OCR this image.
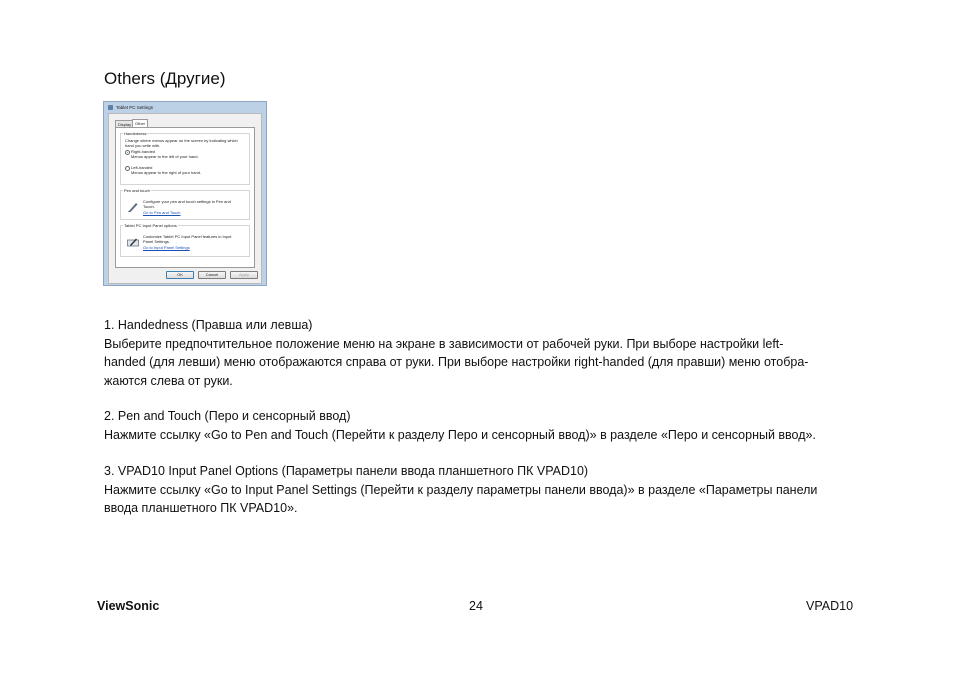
Others (Другие)
Tablet PC Settings
Display Other
Handedness
Change where menus appear on the screen by indicating which
hand you write with.
Right-handed
Menus appear to the left of your hand.
Left-handed
Menus appear to the right of your hand.
Pen and touch
Configure your pen and touch settings in Pen and
Touch.
Go to Pen and Touch
Tablet PC Input Panel options
Customize Tablet PC Input Panel features in Input
Panel Settings.
Go to Input Panel Settings
OK	Cancel	Apply
1. Handedness (Правша или левша)
Выберите предпочтительное положение меню на экране в зависимости от рабочей руки. При выборе настройки left-
handed (для левши) меню отображаются справа от руки. При выборе настройки right-handed (для правши) меню отобра-
жаются слева от руки.
2. Pen and Touch (Перо и сенсорный ввод)
Нажмите ссылку «Go to Pen and Touch (Перейти к разделу Перо и сенсорный ввод)» в разделе «Перо и сенсорный ввод».
3. VPAD10 Input Panel Options (Параметры панели ввода планшетного ПК VPAD10)
Нажмите ссылку «Go to Input Panel Settings (Перейти к разделу параметры панели ввода)» в разделе «Параметры панели
ввода планшетного ПК VPAD10».
ViewSonic	24	VPAD10
